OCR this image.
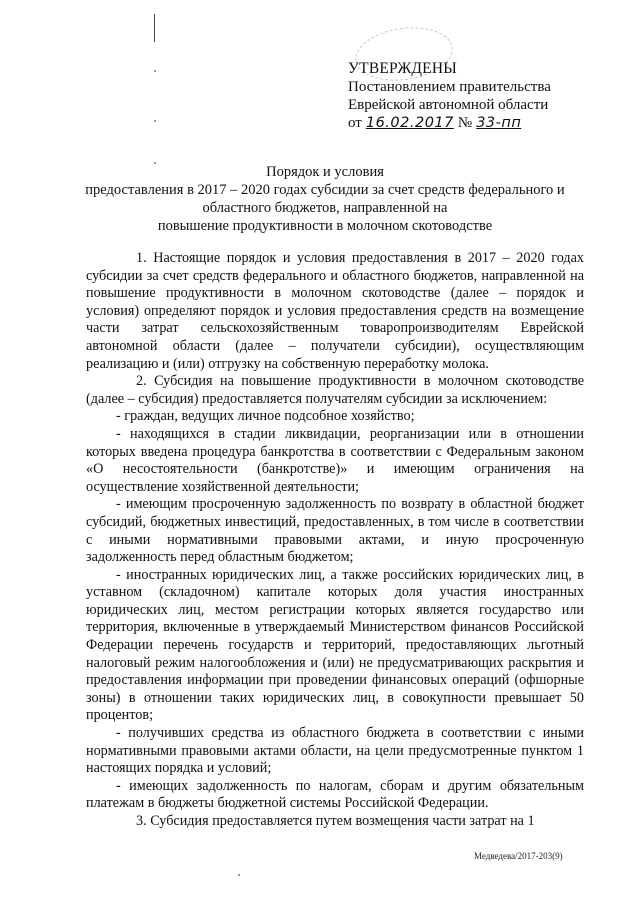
УТВЕРЖДЕНЫ
Постановлением правительства
Еврейской автономной области
от 16.02.2017 № 33-пп
Порядок и условия
предоставления в 2017 – 2020 годах субсидии за счет средств федерального и
областного бюджетов, направленной на
повышение продуктивности в молочном скотоводстве

1. Настоящие порядок и условия предоставления в 2017 – 2020 годах субсидии за счет средств федерального и областного бюджетов, направленной на повышение продуктивности в молочном скотоводстве (далее – порядок и условия) определяют порядок и условия предоставления средств на возмещение части затрат сельскохозяйственным товаропроизводителям Еврейской автономной области (далее – получатели субсидии), осуществляющим реализацию и (или) отгрузку на собственную переработку молока.

2. Субсидия на повышение продуктивности в молочном скотоводстве (далее – субсидия) предоставляется получателям субсидии за исключением:

- граждан, ведущих личное подсобное хозяйство;

- находящихся в стадии ликвидации, реорганизации или в отношении которых введена процедура банкротства в соответствии с Федеральным законом «О несостоятельности (банкротстве)» и имеющим ограничения на осуществление хозяйственной деятельности;

- имеющим просроченную задолженность по возврату в областной бюджет субсидий, бюджетных инвестиций, предоставленных, в том числе в соответствии с иными нормативными правовыми актами, и иную просроченную задолженность перед областным бюджетом;

- иностранных юридических лиц, а также российских юридических лиц, в уставном (складочном) капитале которых доля участия иностранных юридических лиц, местом регистрации которых является государство или территория, включенные в утверждаемый Министерством финансов Российской Федерации перечень государств и территорий, предоставляющих льготный налоговый режим налогообложения и (или) не предусматривающих раскрытия и предоставления информации при проведении финансовых операций (офшорные зоны) в отношении таких юридических лиц, в совокупности превышает 50 процентов;

- получивших средства из областного бюджета в соответствии с иными нормативными правовыми актами области, на цели предусмотренные пунктом 1 настоящих порядка и условий;

- имеющих задолженность по налогам, сборам и другим обязательным платежам в бюджеты бюджетной системы Российской Федерации.

3. Субсидия предоставляется путем возмещения части затрат на 1

Медведева/2017-203(9)
